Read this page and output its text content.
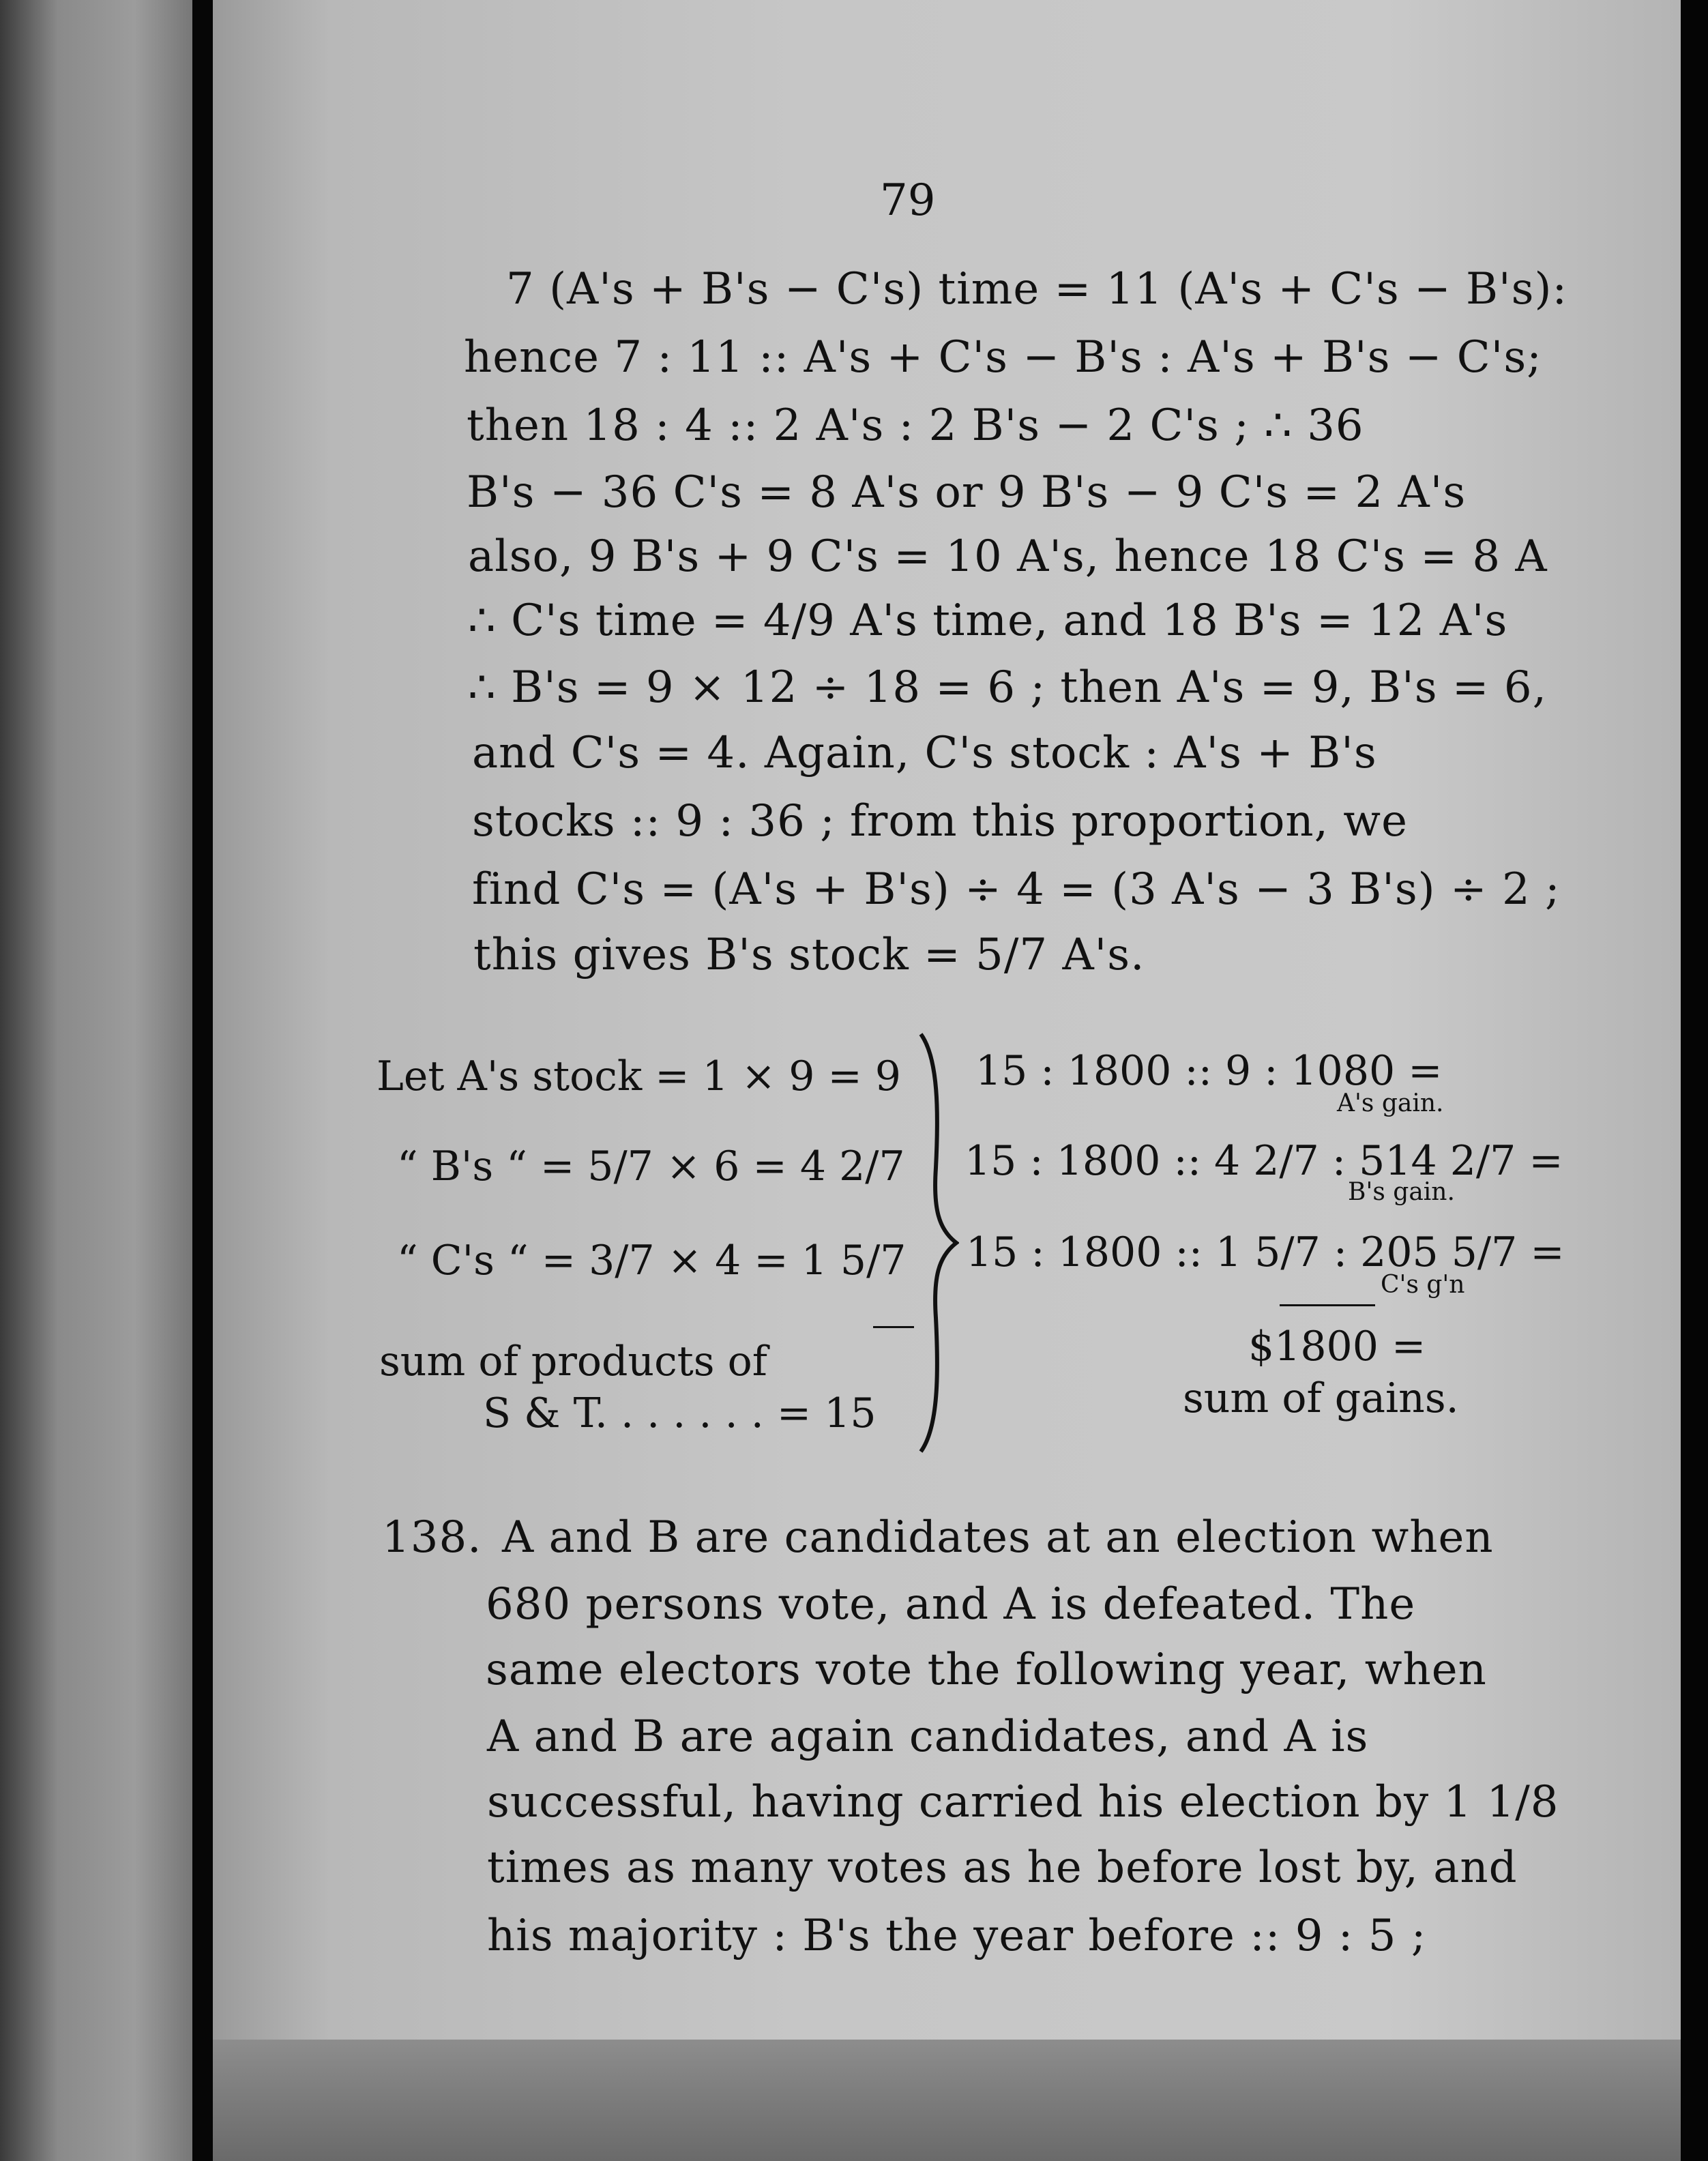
79
7 (A's + B's − C's) time = 11 (A's + C's − B's):
hence 7 : 11 :: A's + C's − B's : A's + B's − C's;
then 18 : 4 :: 2 A's : 2 B's − 2 C's ; ∴ 36
B's − 36 C's = 8 A's or 9 B's − 9 C's = 2 A's
also, 9 B's + 9 C's = 10 A's, hence 18 C's = 8 A
∴ C's time = 4/9 A's time, and 18 B's = 12 A's
∴ B's = 9 × 12 ÷ 18 = 6 ; then A's = 9, B's = 6,
and C's = 4. Again, C's stock : A's + B's
stocks :: 9 : 36 ; from this proportion, we
find C's = (A's + B's) ÷ 4 = (3 A's − 3 B's) ÷ 2 ;
this gives B's stock = 5/7 A's.
Let A's stock = 1 × 9 = 9
“ B's “ = 5/7 × 6 = 4 2/7
“ C's “ = 3/7 × 4 = 1 5/7
sum of products of
S & T. . . . . . . = 15
15 : 1800 :: 9 : 1080 =
A's gain.
15 : 1800 :: 4 2/7 : 514 2/7 =
B's gain.
15 : 1800 :: 1 5/7 : 205 5/7 =
C's g'n
$1800 =
sum of gains.
138. A and B are candidates at an election when
680 persons vote, and A is defeated. The
same electors vote the following year, when
A and B are again candidates, and A is
successful, having carried his election by 1 1/8
times as many votes as he before lost by, and
his majority : B's the year before :: 9 : 5 ;
